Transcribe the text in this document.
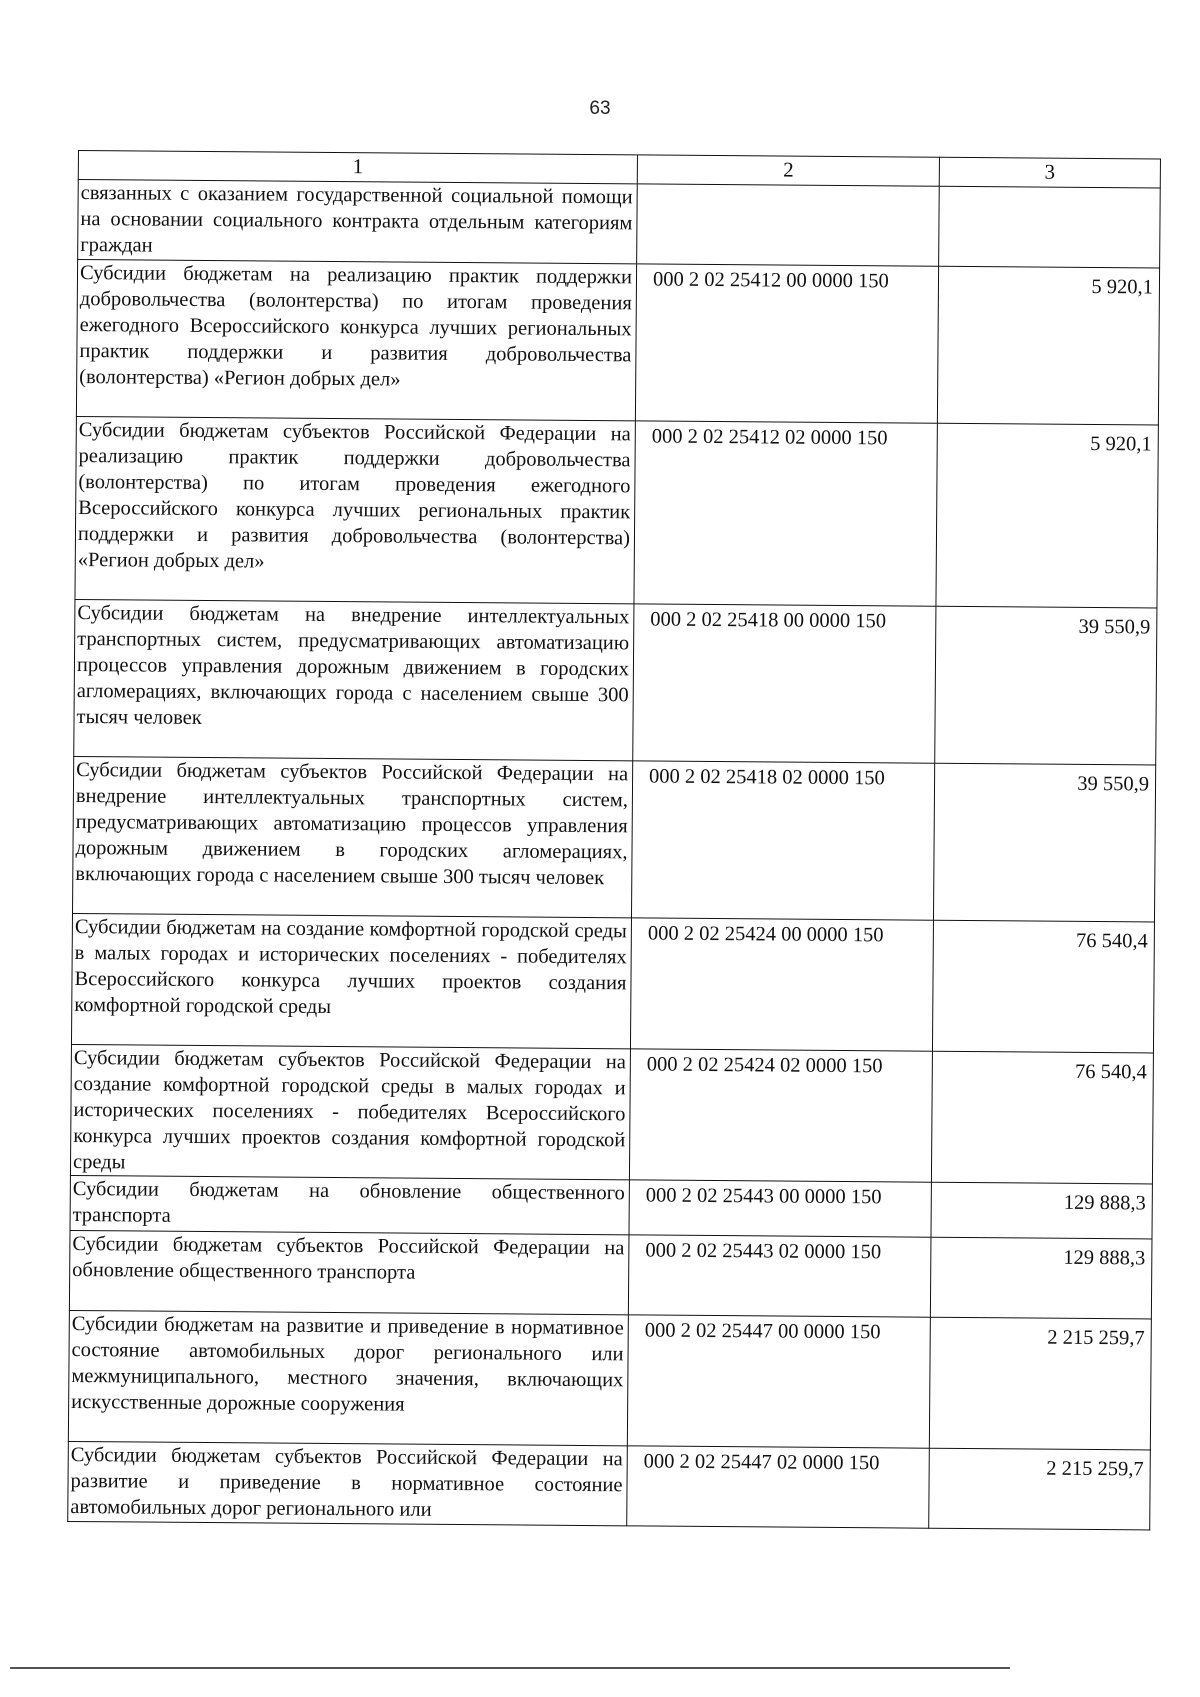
63
1	2	3
связанных с оказанием государственной социальной помощи на основании социального контракта отдельным категориям граждан		
Субсидии бюджетам на реализацию практик поддержки добровольчества (волонтерства) по итогам проведения ежегодного Всероссийского конкурса лучших региональных практик поддержки и развития добровольчества (волонтерства) «Регион добрых дел»	000 2 02 25412 00 0000 150	5 920,1
Субсидии бюджетам субъектов Российской Федерации на реализацию практик поддержки добровольчества (волонтерства) по итогам проведения ежегодного Всероссийского конкурса лучших региональных практик поддержки и развития добровольчества (волонтерства) «Регион добрых дел»	000 2 02 25412 02 0000 150	5 920,1
Субсидии бюджетам на внедрение интеллектуальных транспортных систем, предусматривающих автоматизацию процессов управления дорожным движением в городских агломерациях, включающих города с населением свыше 300 тысяч человек	000 2 02 25418 00 0000 150	39 550,9
Субсидии бюджетам субъектов Российской Федерации на внедрение интеллектуальных транспортных систем, предусматривающих автоматизацию процессов управления дорожным движением в городских агломерациях, включающих города с населением свыше 300 тысяч человек	000 2 02 25418 02 0000 150	39 550,9
Субсидии бюджетам на создание комфортной городской среды в малых городах и исторических поселениях - победителях Всероссийского конкурса лучших проектов создания комфортной городской среды	000 2 02 25424 00 0000 150	76 540,4
Субсидии бюджетам субъектов Российской Федерации на создание комфортной городской среды в малых городах и исторических поселениях - победителях Всероссийского конкурса лучших проектов создания комфортной городской среды	000 2 02 25424 02 0000 150	76 540,4
Субсидии бюджетам на обновление общественного транспорта	000 2 02 25443 00 0000 150	129 888,3
Субсидии бюджетам субъектов Российской Федерации на обновление общественного транспорта	000 2 02 25443 02 0000 150	129 888,3
Субсидии бюджетам на развитие и приведение в нормативное состояние автомобильных дорог регионального или межмуниципального, местного значения, включающих искусственные дорожные сооружения	000 2 02 25447 00 0000 150	2 215 259,7
Субсидии бюджетам субъектов Российской Федерации на развитие и приведение в нормативное состояние автомобильных дорог регионального или	000 2 02 25447 02 0000 150	2 215 259,7
